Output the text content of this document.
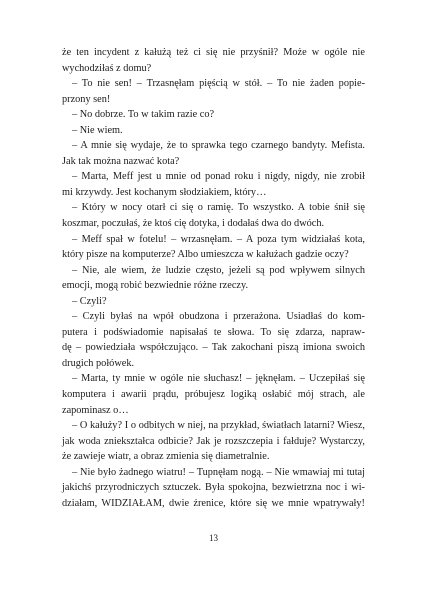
że ten incydent z kałużą też ci się nie przyśnił? Może w ogóle nie
wychodziłaś z domu?
– To nie sen! – Trzasnęłam pięścią w stół. – To nie żaden popie-
przony sen!
– No dobrze. To w takim razie co?
– Nie wiem.
– A mnie się wydaje, że to sprawka tego czarnego bandyty. Mefista.
Jak tak można nazwać kota?
– Marta, Meff jest u mnie od ponad roku i nigdy, nigdy, nie zrobił
mi krzywdy. Jest kochanym słodziakiem, który…
– Który w nocy otarł ci się o ramię. To wszystko. A tobie śnił się
koszmar, poczułaś, że ktoś cię dotyka, i dodałaś dwa do dwóch.
– Meff spał w fotelu! – wrzasnęłam. – A poza tym widziałaś kota,
który pisze na komputerze? Albo umieszcza w kałużach gadzie oczy?
– Nie, ale wiem, że ludzie często, jeżeli są pod wpływem silnych
emocji, mogą robić bezwiednie różne rzeczy.
– Czyli?
– Czyli byłaś na wpół obudzona i przerażona. Usiadłaś do kom-
putera i podświadomie napisałaś te słowa. To się zdarza, napraw-
dę – powiedziała współczująco. – Tak zakochani piszą imiona swoich
drugich połówek.
– Marta, ty mnie w ogóle nie słuchasz! – jęknęłam. – Uczepiłaś się
komputera i awarii prądu, próbujesz logiką osłabić mój strach, ale
zapominasz o…
– O kałuży? I o odbitych w niej, na przykład, światłach latarni? Wiesz,
jak woda zniekształca odbicie? Jak je rozszczepia i fałduje? Wystarczy,
że zawieje wiatr, a obraz zmienia się diametralnie.
– Nie było żadnego wiatru! – Tupnęłam nogą. – Nie wmawiaj mi tutaj
jakichś przyrodniczych sztuczek. Była spokojna, bezwietrzna noc i wi-
działam, WIDZIAŁAM, dwie źrenice, które się we mnie wpatrywały!
13
